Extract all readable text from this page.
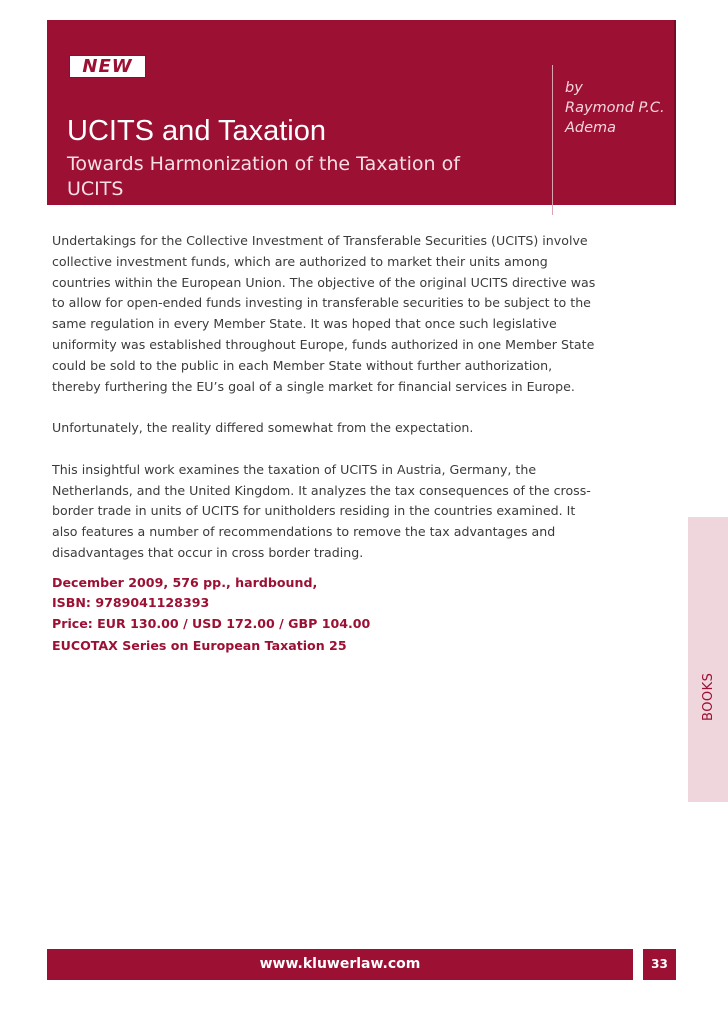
NEW
UCITS and Taxation
Towards Harmonization of the Taxation of UCITS
by
Raymond P.C.
Adema

Undertakings for the Collective Investment of Transferable Securities (UCITS) involve collective investment funds, which are authorized to market their units among countries within the European Union. The objective of the original UCITS directive was to allow for open-ended funds investing in transferable securities to be subject to the same regulation in every Member State. It was hoped that once such legislative uniformity was established throughout Europe, funds authorized in one Member State could be sold to the public in each Member State without further authorization, thereby furthering the EU’s goal of a single market for financial services in Europe.

Unfortunately, the reality differed somewhat from the expectation.

This insightful work examines the taxation of UCITS in Austria, Germany, the Netherlands, and the United Kingdom. It analyzes the tax consequences of the cross-border trade in units of UCITS for unitholders residing in the countries examined. It also features a number of recommendations to remove the tax advantages and disadvantages that occur in cross border trading.

December 2009, 576 pp., hardbound,
ISBN: 9789041128393
Price: EUR 130.00 / USD 172.00 / GBP 104.00
EUCOTAX Series on European Taxation 25
BOOKS
www.kluwerlaw.com	33
